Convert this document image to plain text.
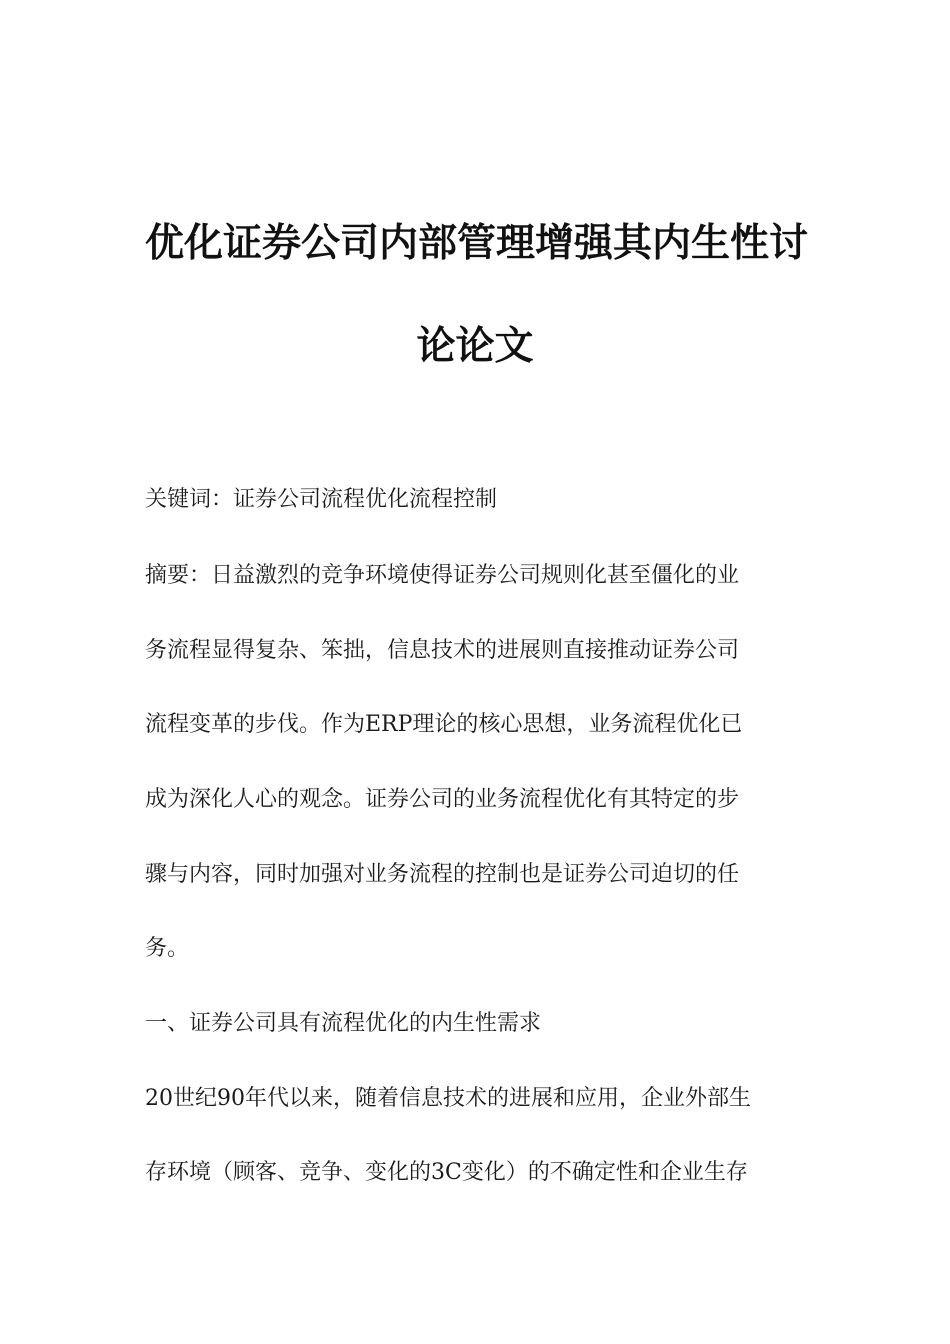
优化证券公司内部管理增强其内生性讨
论论文

关键词：证券公司流程优化流程控制

摘要：日益激烈的竞争环境使得证券公司规则化甚至僵化的业

务流程显得复杂、笨拙，信息技术的进展则直接推动证券公司

流程变革的步伐。作为ERP理论的核心思想，业务流程优化已

成为深化人心的观念。证券公司的业务流程优化有其特定的步

骤与内容，同时加强对业务流程的控制也是证券公司迫切的任

务。

一、证券公司具有流程优化的内生性需求

20世纪90年代以来，随着信息技术的进展和应用，企业外部生

存环境（顾客、竞争、变化的3C变化）的不确定性和企业生存
